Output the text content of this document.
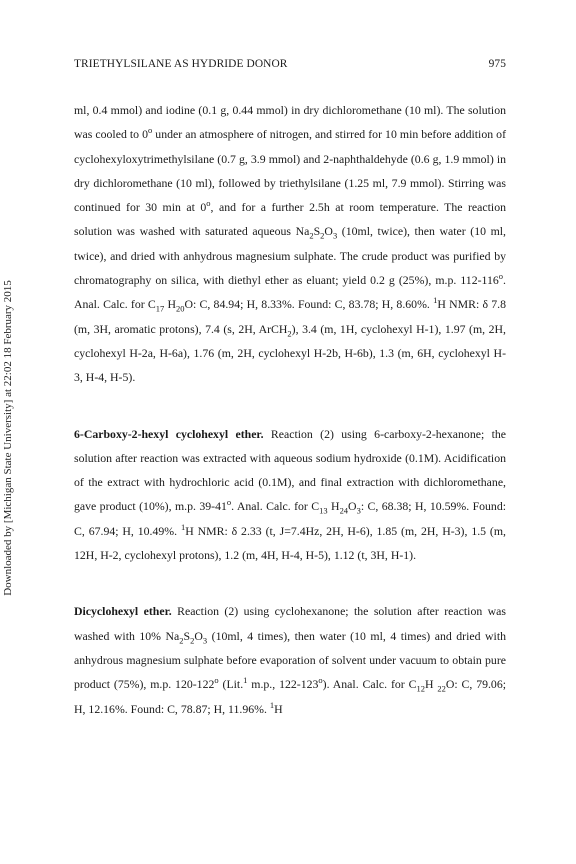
TRIETHYLSILANE AS HYDRIDE DONOR	975
Downloaded by [Michigan State University] at 22:02 18 February 2015

ml, 0.4 mmol) and iodine (0.1 g, 0.44 mmol) in dry dichloromethane (10 ml). The solution was cooled to 0$^o$ under an atmosphere of nitrogen, and stirred for 10 min before addition of cyclohexyloxytrimethylsilane (0.7 g, 3.9 mmol) and 2-naphthaldehyde (0.6 g, 1.9 mmol) in dry dichloromethane (10 ml), followed by triethylsilane (1.25 ml, 7.9 mmol). Stirring was continued for 30 min at 0$^o$, and for a further 2.5h at room temperature. The reaction solution was washed with saturated aqueous $Na_2S_2O_3$ (10ml, twice), then water (10 ml, twice), and dried with anhydrous magnesium sulphate. The crude product was purified by chromatography on silica, with diethyl ether as eluant; yield 0.2 g (25%), m.p. 112-116$^o$. Anal. Calc. for $C_{17}$ $H_{20}O$: C, 84.94; H, 8.33%. Found: C, 83.78; H, 8.60%. $^1$H NMR: δ 7.8 (m, 3H, aromatic protons), 7.4 (s, 2H, ArCH$_2$), 3.4 (m, 1H, cyclohexyl H-1), 1.97 (m, 2H, cyclohexyl H-2a, H-6a), 1.76 (m, 2H, cyclohexyl H-2b, H-6b), 1.3 (m, 6H, cyclohexyl H-3, H-4, H-5).

6-Carboxy-2-hexyl cyclohexyl ether. Reaction (2) using 6-carboxy-2-hexanone; the solution after reaction was extracted with aqueous sodium hydroxide (0.1M). Acidification of the extract with hydrochloric acid (0.1M), and final extraction with dichloromethane, gave product (10%), m.p. 39-41$^o$. Anal. Calc. for $C_{13}$ $H_{24}O_3$: C, 68.38; H, 10.59%. Found: C, 67.94; H, 10.49%. $^1$H NMR: δ 2.33 (t, J=7.4Hz, 2H, H-6), 1.85 (m, 2H, H-3), 1.5 (m, 12H, H-2, cyclohexyl protons), 1.2 (m, 4H, H-4, H-5), 1.12 (t, 3H, H-1).

Dicyclohexyl ether. Reaction (2) using cyclohexanone; the solution after reaction was washed with 10% $Na_2S_2O_3$ (10ml, 4 times), then water (10 ml, 4 times) and dried with anhydrous magnesium sulphate before evaporation of solvent under vacuum to obtain pure product (75%), m.p. 120-122$^o$ (Lit.$^1$ m.p., 122-123$^o$). Anal. Calc. for $C_{12}H$ $_{22}$O: C, 79.06; H, 12.16%. Found: C, 78.87; H, 11.96%. $^1$H
